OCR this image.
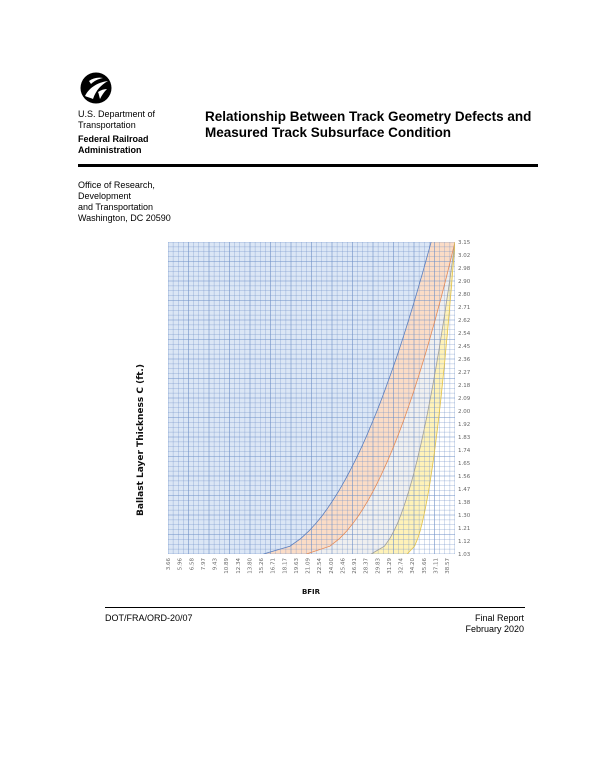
U.S. Department of Transportation
Federal Railroad Administration
Relationship Between Track Geometry Defects and Measured Track Subsurface Condition
Office of Research, Development
and Transportation
Washington, DC 20590
3.15
3.02
2.98
2.90
2.80
2.71
2.62
2.54
2.45
2.36
2.27
2.18
2.09
2.00
1.92
1.83
1.74
1.65
1.56
1.47
1.38
1.30
1.21
1.12
1.03
3.66 5.96 6.58 7.97 9.43 10.89 12.34 13.80 15.26 16.71 18.17 19.63 21.09 22.54 24.00 25.46 26.91 28.37 29.83 31.29 32.74 34.20 35.66 37.11 38.57
BFIR
Ballast Layer Thickness C (ft.)
DOT/FRA/ORD-20/07	Final Report
February 2020
